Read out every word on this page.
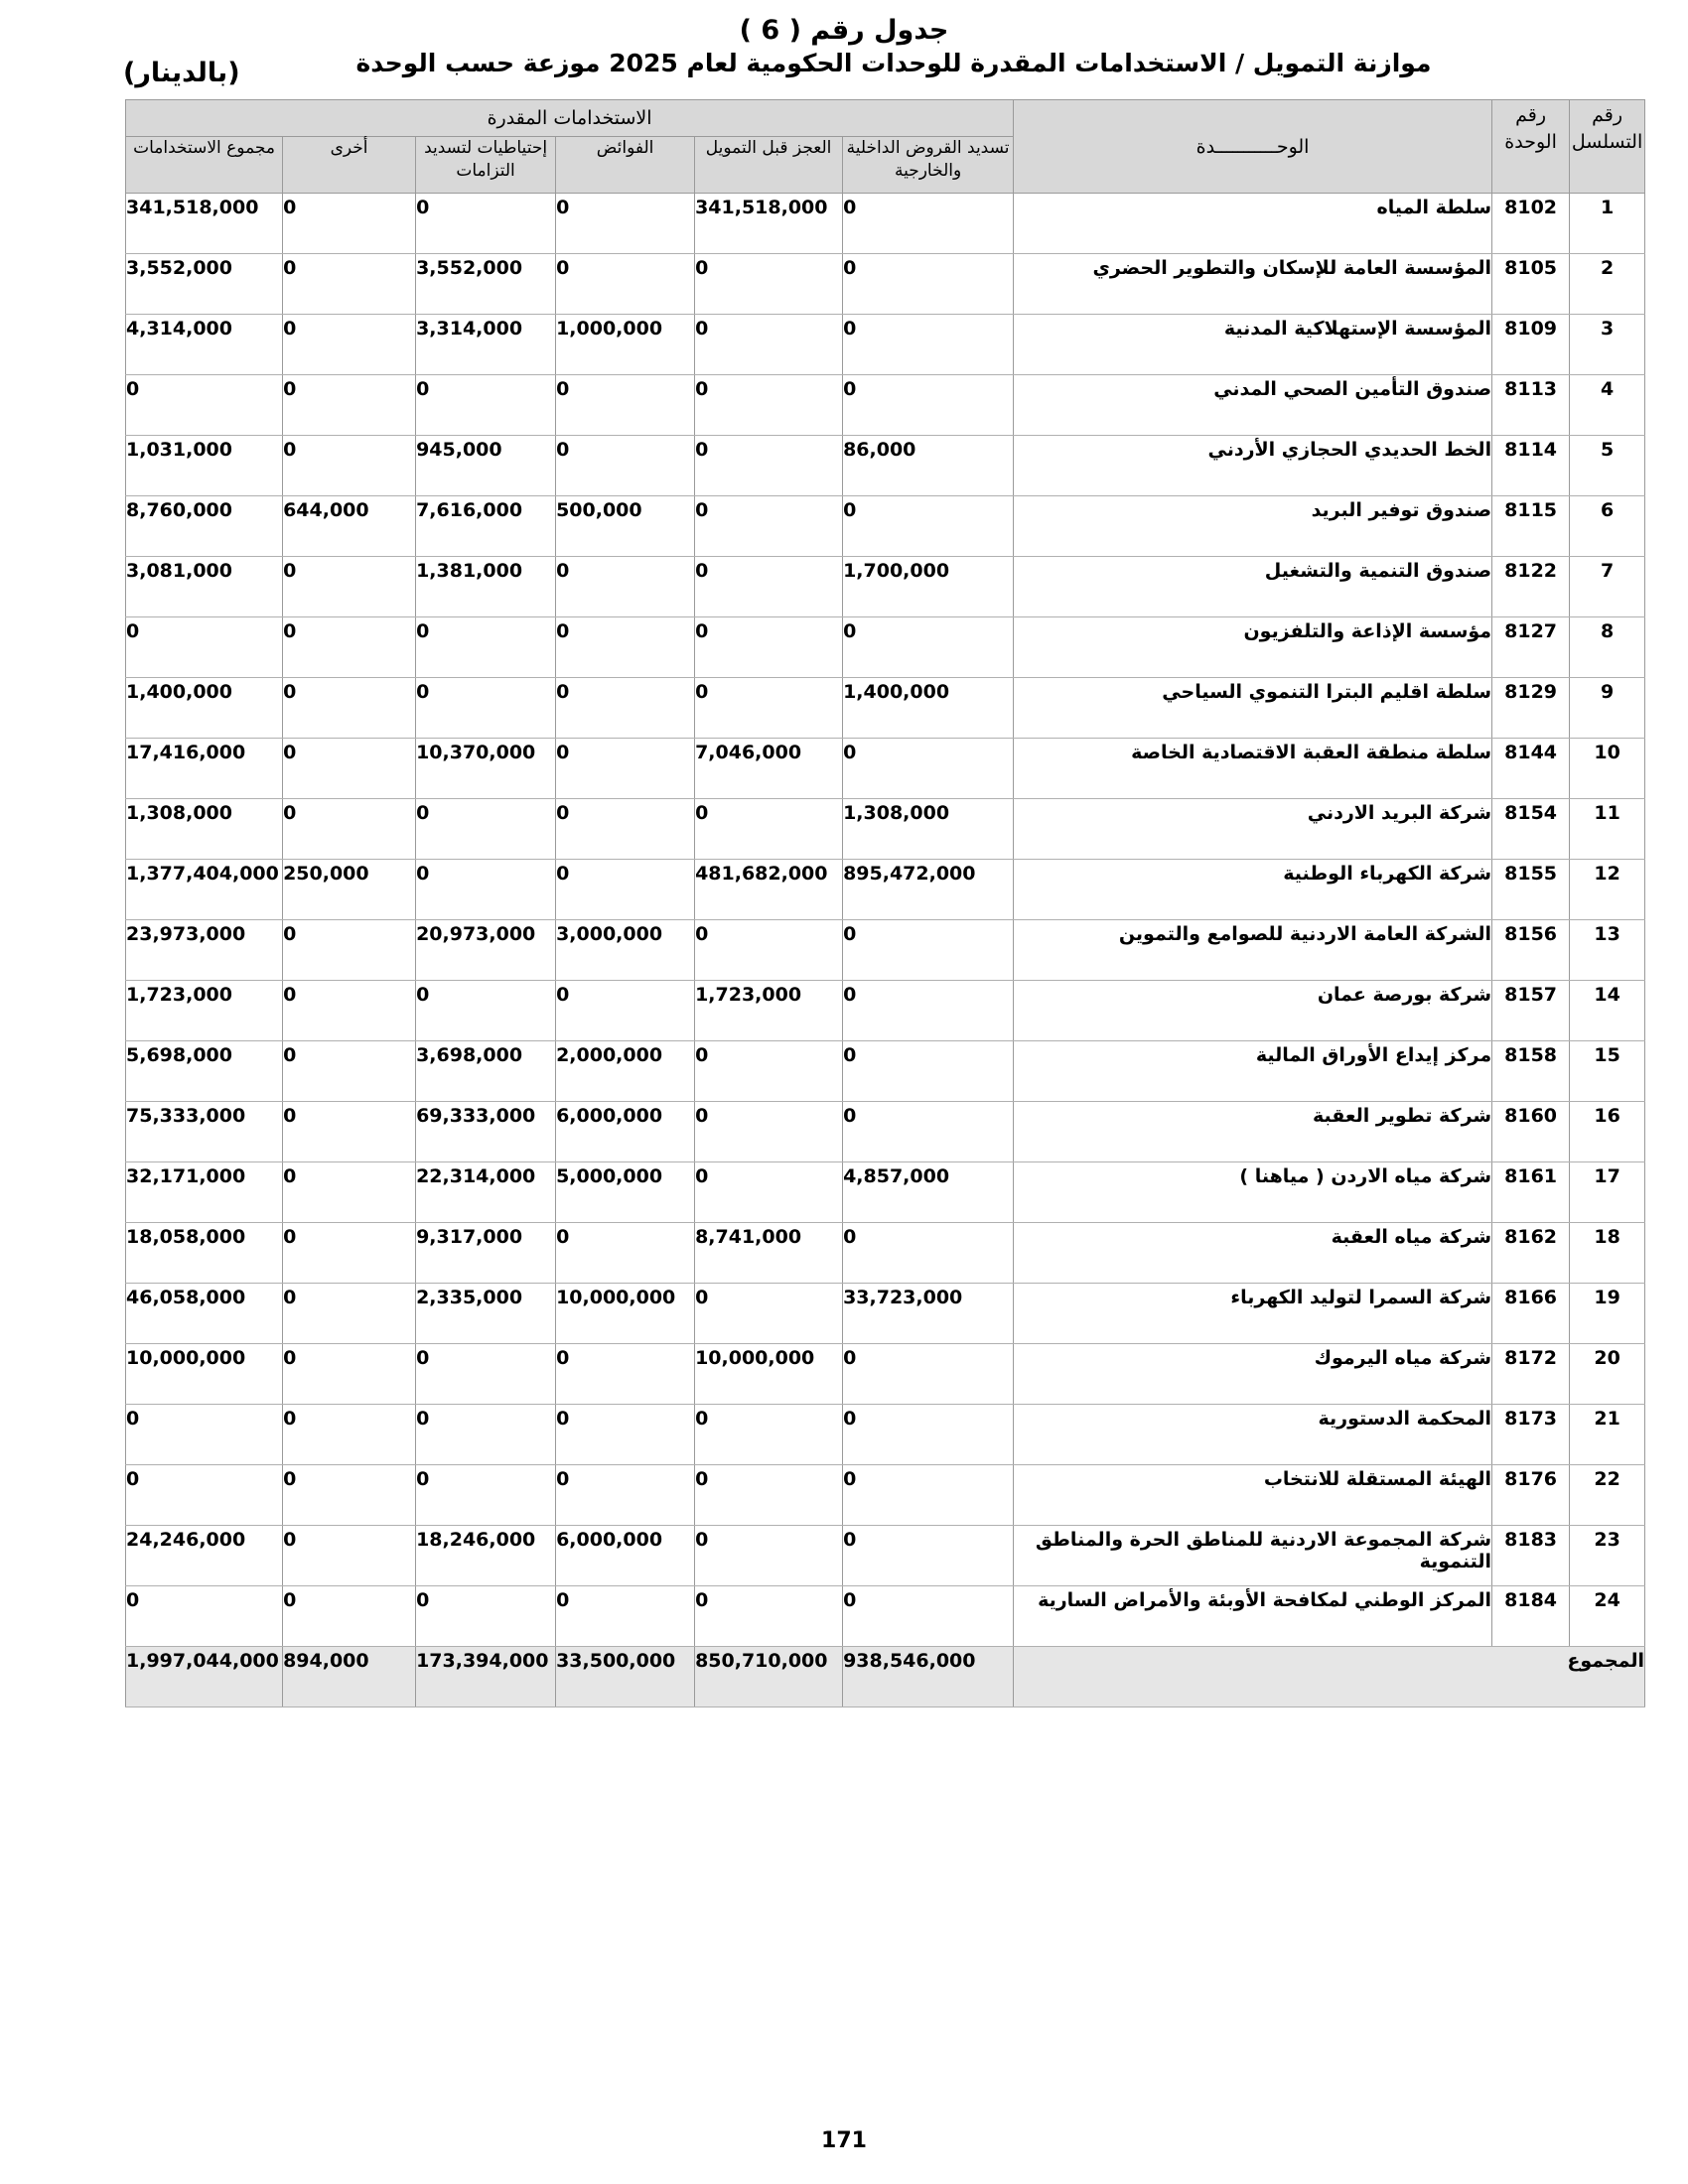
جدول رقم ( 6 )
موازنة التمويل / الاستخدامات المقدرة للوحدات الحكومية لعام 2025 موزعة حسب الوحدة
(بالدينار)
رقم التسلسل	رقم الوحدة	الوحـــــــــــدة	الاستخدامات المقدرة					
			تسديد القروض الداخلية والخارجية	العجز قبل التمويل	الفوائض	إحتياطيات لتسديد التزامات	أخرى	مجموع الاستخدامات
1	8102	سلطة المياه	0	341,518,000	0	0	0	341,518,000
2	8105	المؤسسة العامة للإسكان والتطوير الحضري	0	0	0	3,552,000	0	3,552,000
3	8109	المؤسسة الإستهلاكية المدنية	0	0	1,000,000	3,314,000	0	4,314,000
4	8113	صندوق التأمين الصحي المدني	0	0	0	0	0	0
5	8114	الخط الحديدي الحجازي الأردني	86,000	0	0	945,000	0	1,031,000
6	8115	صندوق توفير البريد	0	0	500,000	7,616,000	644,000	8,760,000
7	8122	صندوق التنمية والتشغيل	1,700,000	0	0	1,381,000	0	3,081,000
8	8127	مؤسسة الإذاعة والتلفزيون	0	0	0	0	0	0
9	8129	سلطة اقليم البترا التنموي السياحي	1,400,000	0	0	0	0	1,400,000
10	8144	سلطة منطقة العقبة الاقتصادية الخاصة	0	7,046,000	0	10,370,000	0	17,416,000
11	8154	شركة البريد الاردني	1,308,000	0	0	0	0	1,308,000
12	8155	شركة الكهرباء الوطنية	895,472,000	481,682,000	0	0	250,000	1,377,404,000
13	8156	الشركة العامة الاردنية للصوامع والتموين	0	0	3,000,000	20,973,000	0	23,973,000
14	8157	شركة بورصة عمان	0	1,723,000	0	0	0	1,723,000
15	8158	مركز إيداع الأوراق المالية	0	0	2,000,000	3,698,000	0	5,698,000
16	8160	شركة تطوير العقبة	0	0	6,000,000	69,333,000	0	75,333,000
17	8161	شركة مياه الاردن ( مياهنا )	4,857,000	0	5,000,000	22,314,000	0	32,171,000
18	8162	شركة مياه العقبة	0	8,741,000	0	9,317,000	0	18,058,000
19	8166	شركة السمرا لتوليد الكهرباء	33,723,000	0	10,000,000	2,335,000	0	46,058,000
20	8172	شركة مياه اليرموك	0	10,000,000	0	0	0	10,000,000
21	8173	المحكمة الدستورية	0	0	0	0	0	0
22	8176	الهيئة المستقلة للانتخاب	0	0	0	0	0	0
23	8183	شركة المجموعة الاردنية للمناطق الحرة والمناطق التنموية	0	0	6,000,000	18,246,000	0	24,246,000
24	8184	المركز الوطني لمكافحة الأوبئة والأمراض السارية	0	0	0	0	0	0
المجموع			938,546,000	850,710,000	33,500,000	173,394,000	894,000	1,997,044,000
171
